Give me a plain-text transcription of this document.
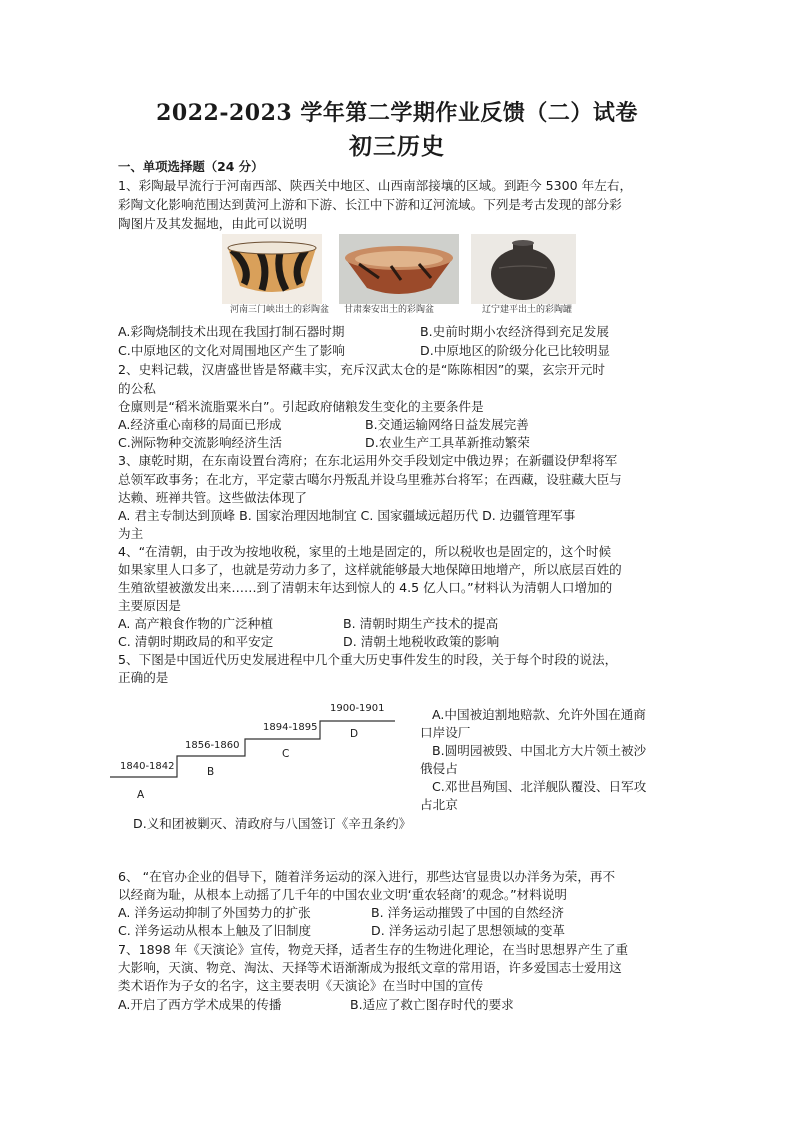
2022-2023 学年第二学期作业反馈（二）试卷
初三历史
一、单项选择题（24 分）
1、彩陶最早流行于河南西部、陕西关中地区、山西南部接壤的区域。到距今 5300 年左右，
彩陶文化影响范围达到黄河上游和下游、长江中下游和辽河流域。下列是考古发现的部分彩
陶图片及其发掘地，由此可以说明
河南三门峡出土的彩陶盆 甘肃秦安出土的彩陶盆	辽宁建平出土的彩陶罐
A.彩陶烧制技术出现在我国打制石器时期	B.史前时期小农经济得到充足发展
C.中原地区的文化对周围地区产生了影响	D.中原地区的阶级分化已比较明显
2、史料记载，汉唐盛世皆是帑藏丰实，充斥汉武太仓的是“陈陈相因”的粟，玄宗开元时
的公私
仓廪则是“稻米流脂粟米白”。引起政府储粮发生变化的主要条件是
A.经济重心南移的局面已形成	B.交通运输网络日益发展完善
C.洲际物种交流影响经济生活	D.农业生产工具革新推动繁荣
3、康乾时期，在东南设置台湾府；在东北运用外交手段划定中俄边界；在新疆设伊犁将军
总领军政事务；在北方，平定蒙古噶尔丹叛乱并设乌里雅苏台将军；在西藏，设驻藏大臣与
达赖、班禅共管。这些做法体现了
A. 君主专制达到顶峰 B. 国家治理因地制宜 C. 国家疆域远超历代 D. 边疆管理军事
为主
4、“在清朝，由于改为按地收税，家里的土地是固定的，所以税收也是固定的，这个时候
如果家里人口多了，也就是劳动力多了，这样就能够最大地保障田地增产，所以底层百姓的
生殖欲望被激发出来……到了清朝末年达到惊人的 4.5 亿人口。”材料认为清朝人口增加的
主要原因是
A. 高产粮食作物的广泛种植	B. 清朝时期生产技术的提高
C. 清朝时期政局的和平安定	D. 清朝土地税收政策的影响
5、下图是中国近代历史发展进程中几个重大历史事件发生的时段，关于每个时段的说法，
正确的是
1840-1842
1856-1860
1894-1895
1900-1901
A
B
C
D
A.中国被迫割地赔款、允许外国在通商
口岸设厂
B.圆明园被毁、中国北方大片领土被沙
俄侵占
C.邓世昌殉国、北洋舰队覆没、日军攻
占北京
D.义和团被剿灭、清政府与八国签订《辛丑条约》
6、 “在官办企业的倡导下，随着洋务运动的深入进行，那些达官显贵以办洋务为荣，再不
以经商为耻，从根本上动摇了几千年的中国农业文明‘重农轻商’的观念。”材料说明
A. 洋务运动抑制了外国势力的扩张	B. 洋务运动摧毁了中国的自然经济
C. 洋务运动从根本上触及了旧制度	D. 洋务运动引起了思想领域的变革
7、1898 年《天演论》宣传，物竞天择，适者生存的生物进化理论，在当时思想界产生了重
大影响，天演、物竞、淘汰、天择等术语渐渐成为报纸文章的常用语，许多爱国志士爱用这
类术语作为子女的名字，这主要表明《天演论》在当时中国的宣传
A.开启了西方学术成果的传播	B.适应了救亡图存时代的要求
